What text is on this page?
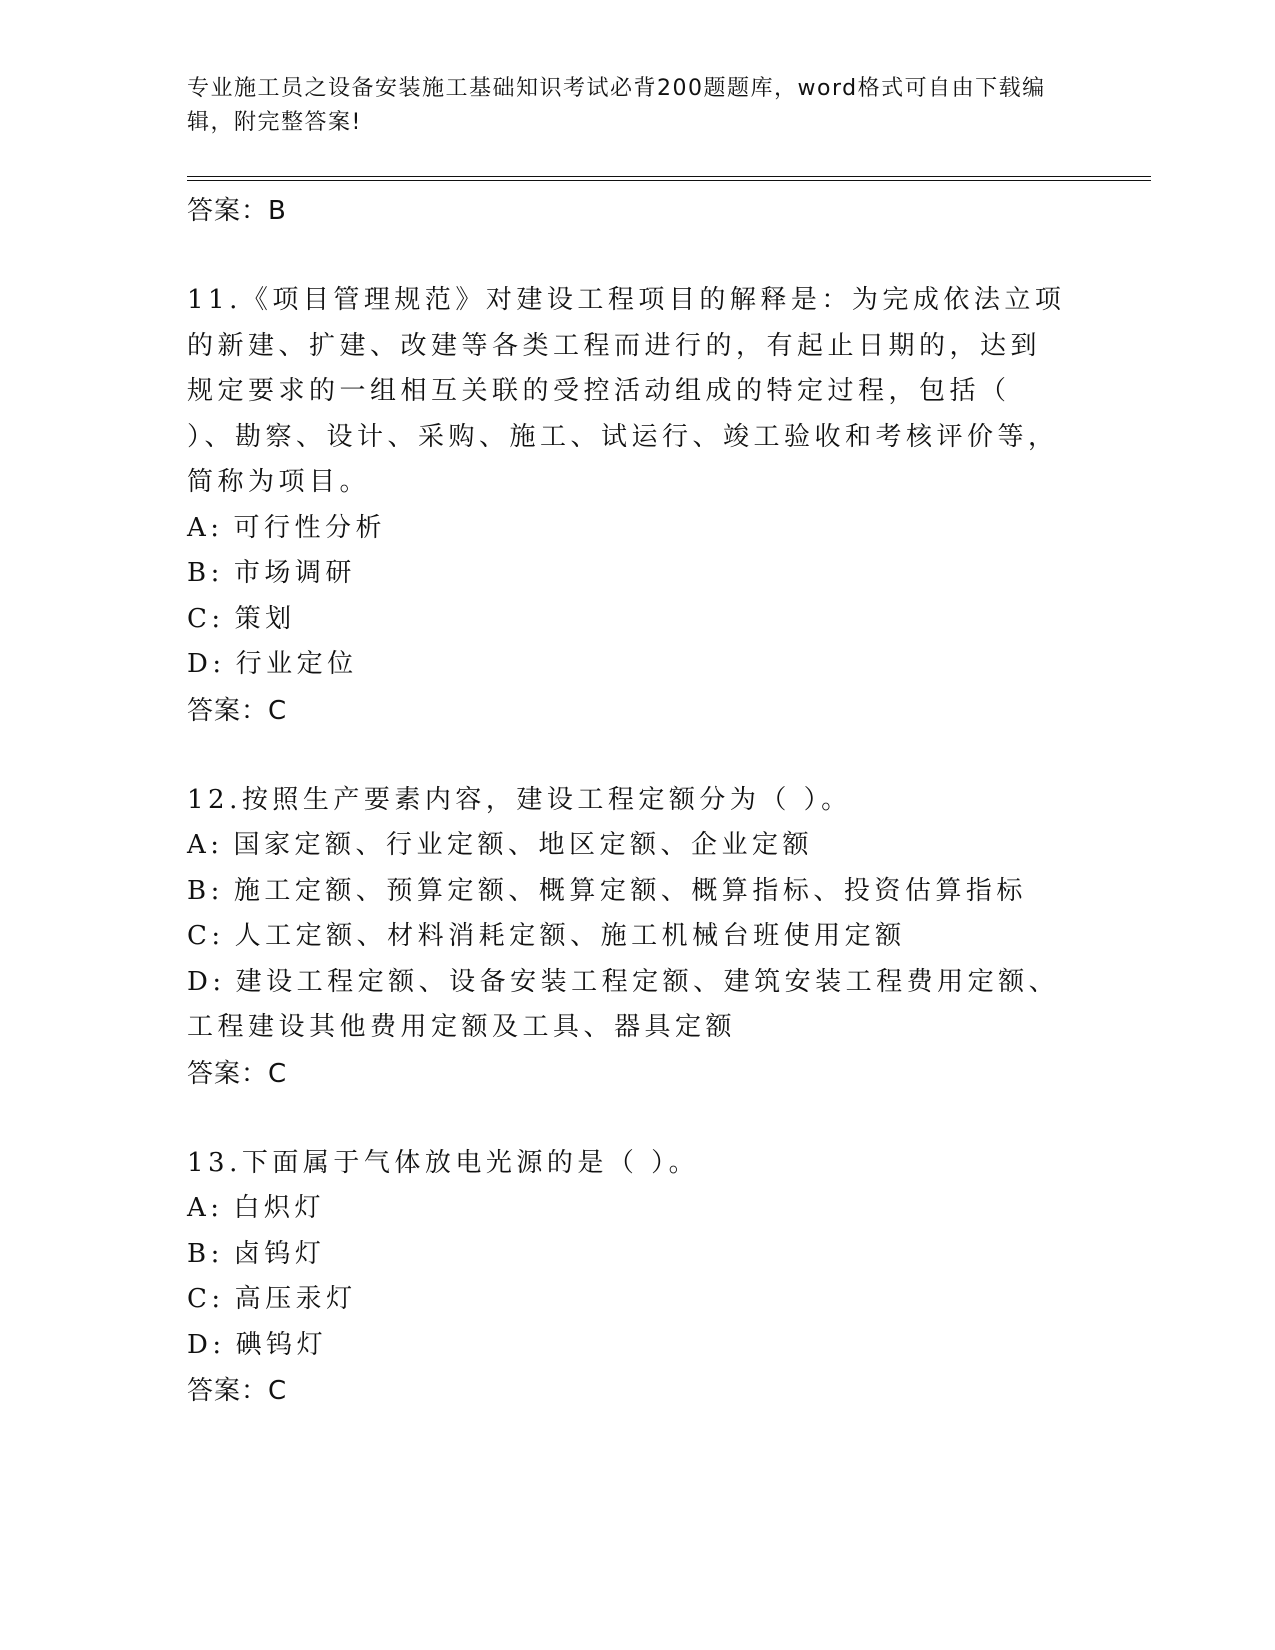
专业施工员之设备安装施工基础知识考试必背200题题库，word格式可自由下载编辑，附完整答案!
答案：B
11.《项目管理规范》对建设工程项目的解释是：为完成依法立项的新建、扩建、改建等各类工程而进行的，有起止日期的，达到规定要求的一组相互关联的受控活动组成的特定过程，包括（ ）、勘察、设计、采购、施工、试运行、竣工验收和考核评价等，简称为项目。
A: 可行性分析
B: 市场调研
C: 策划
D: 行业定位
答案：C
12.按照生产要素内容，建设工程定额分为（ ）。
A: 国家定额、行业定额、地区定额、企业定额
B: 施工定额、预算定额、概算定额、概算指标、投资估算指标
C: 人工定额、材料消耗定额、施工机械台班使用定额
D: 建设工程定额、设备安装工程定额、建筑安装工程费用定额、工程建设其他费用定额及工具、器具定额
答案：C
13.下面属于气体放电光源的是（ ）。
A: 白炽灯
B: 卤钨灯
C: 高压汞灯
D: 碘钨灯
答案：C
